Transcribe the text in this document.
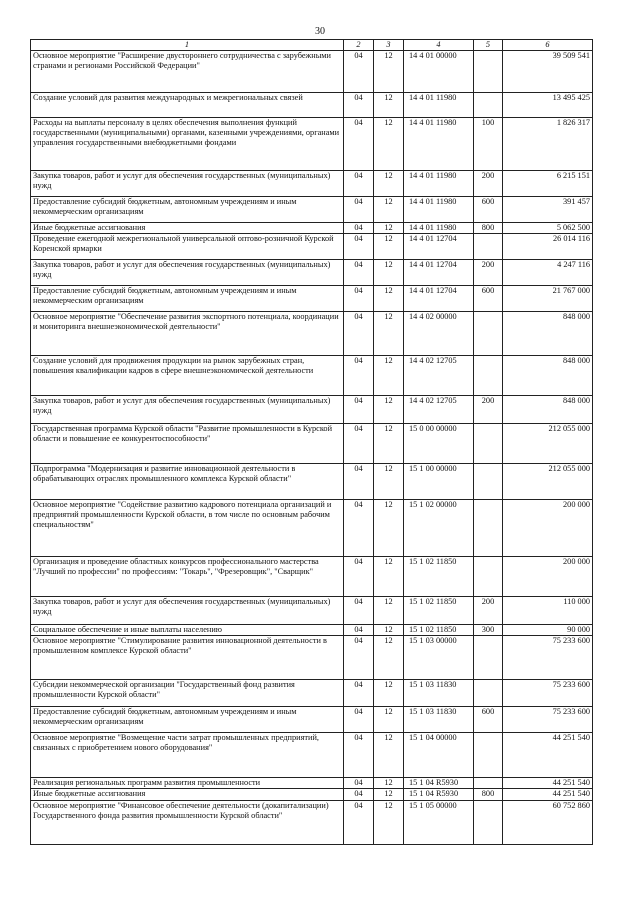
30
1	2	3	4	5	6
Основное мероприятие "Расширение двустороннего сотрудничества с зарубежными странами и регионами Российской Федерации"	04	12	14 4 01 00000		39 509 541
Создание условий для развития международных и межрегиональных связей	04	12	14 4 01 11980		13 495 425
Расходы на выплаты персоналу в целях обеспечения выполнения функций государственными (муниципальными) органами, казенными учреждениями, органами управления государственными внебюджетными фондами	04	12	14 4 01 11980	100	1 826 317
Закупка товаров, работ и услуг для обеспечения государственных (муниципальных) нужд	04	12	14 4 01 11980	200	6 215 151
Предоставление субсидий бюджетным, автономным учреждениям и иным некоммерческим организациям	04	12	14 4 01 11980	600	391 457
Иные бюджетные ассигнования	04	12	14 4 01 11980	800	5 062 500
Проведение ежегодной межрегиональной универсальной оптово-розничной Курской Коренской ярмарки	04	12	14 4 01 12704		26 014 116
Закупка товаров, работ и услуг для обеспечения государственных (муниципальных) нужд	04	12	14 4 01 12704	200	4 247 116
Предоставление субсидий бюджетным, автономным учреждениям и иным некоммерческим организациям	04	12	14 4 01 12704	600	21 767 000
Основное мероприятие "Обеспечение развития экспортного потенциала, координации и мониторинга внешнеэкономической деятельности"	04	12	14 4 02 00000		848 000
Создание условий для продвижения продукции на рынок зарубежных стран, повышения квалификации кадров в сфере внешнеэкономической деятельности	04	12	14 4 02 12705		848 000
Закупка товаров, работ и услуг для обеспечения государственных (муниципальных) нужд	04	12	14 4 02 12705	200	848 000
Государственная программа Курской области "Развитие промышленности в Курской области и повышение ее конкурентоспособности"	04	12	15 0 00 00000		212 055 000
Подпрограмма "Модернизация и развитие инновационной деятельности в обрабатывающих отраслях промышленного комплекса Курской области"	04	12	15 1 00 00000		212 055 000
Основное мероприятие "Содействие развитию кадрового потенциала организаций и предприятий промышленности Курской области, в том числе по основным рабочим специальностям"	04	12	15 1 02 00000		200 000
Организация и проведение областных конкурсов профессионального мастерства "Лучший по профессии" по профессиям: "Токарь", "Фрезеровщик", "Сварщик"	04	12	15 1 02 11850		200 000
Закупка товаров, работ и услуг для обеспечения государственных (муниципальных) нужд	04	12	15 1 02 11850	200	110 000
Социальное обеспечение и иные выплаты населению	04	12	15 1 02 11850	300	90 000
Основное мероприятие "Стимулирование развития инновационной деятельности в промышленном комплексе Курской области"	04	12	15 1 03 00000		75 233 600
Субсидии некоммерческой организации "Государственный фонд развития промышленности Курской области"	04	12	15 1 03 11830		75 233 600
Предоставление субсидий бюджетным, автономным учреждениям и иным некоммерческим организациям	04	12	15 1 03 11830	600	75 233 600
Основное мероприятие "Возмещение части затрат промышленных предприятий, связанных с приобретением нового оборудования"	04	12	15 1 04 00000		44 251 540
Реализация региональных программ развития промышленности	04	12	15 1 04 R5930		44 251 540
Иные бюджетные ассигнования	04	12	15 1 04 R5930	800	44 251 540
Основное мероприятие "Финансовое обеспечение деятельности (докапитализации) Государственного фонда развития промышленности Курской области"	04	12	15 1 05 00000		60 752 860
